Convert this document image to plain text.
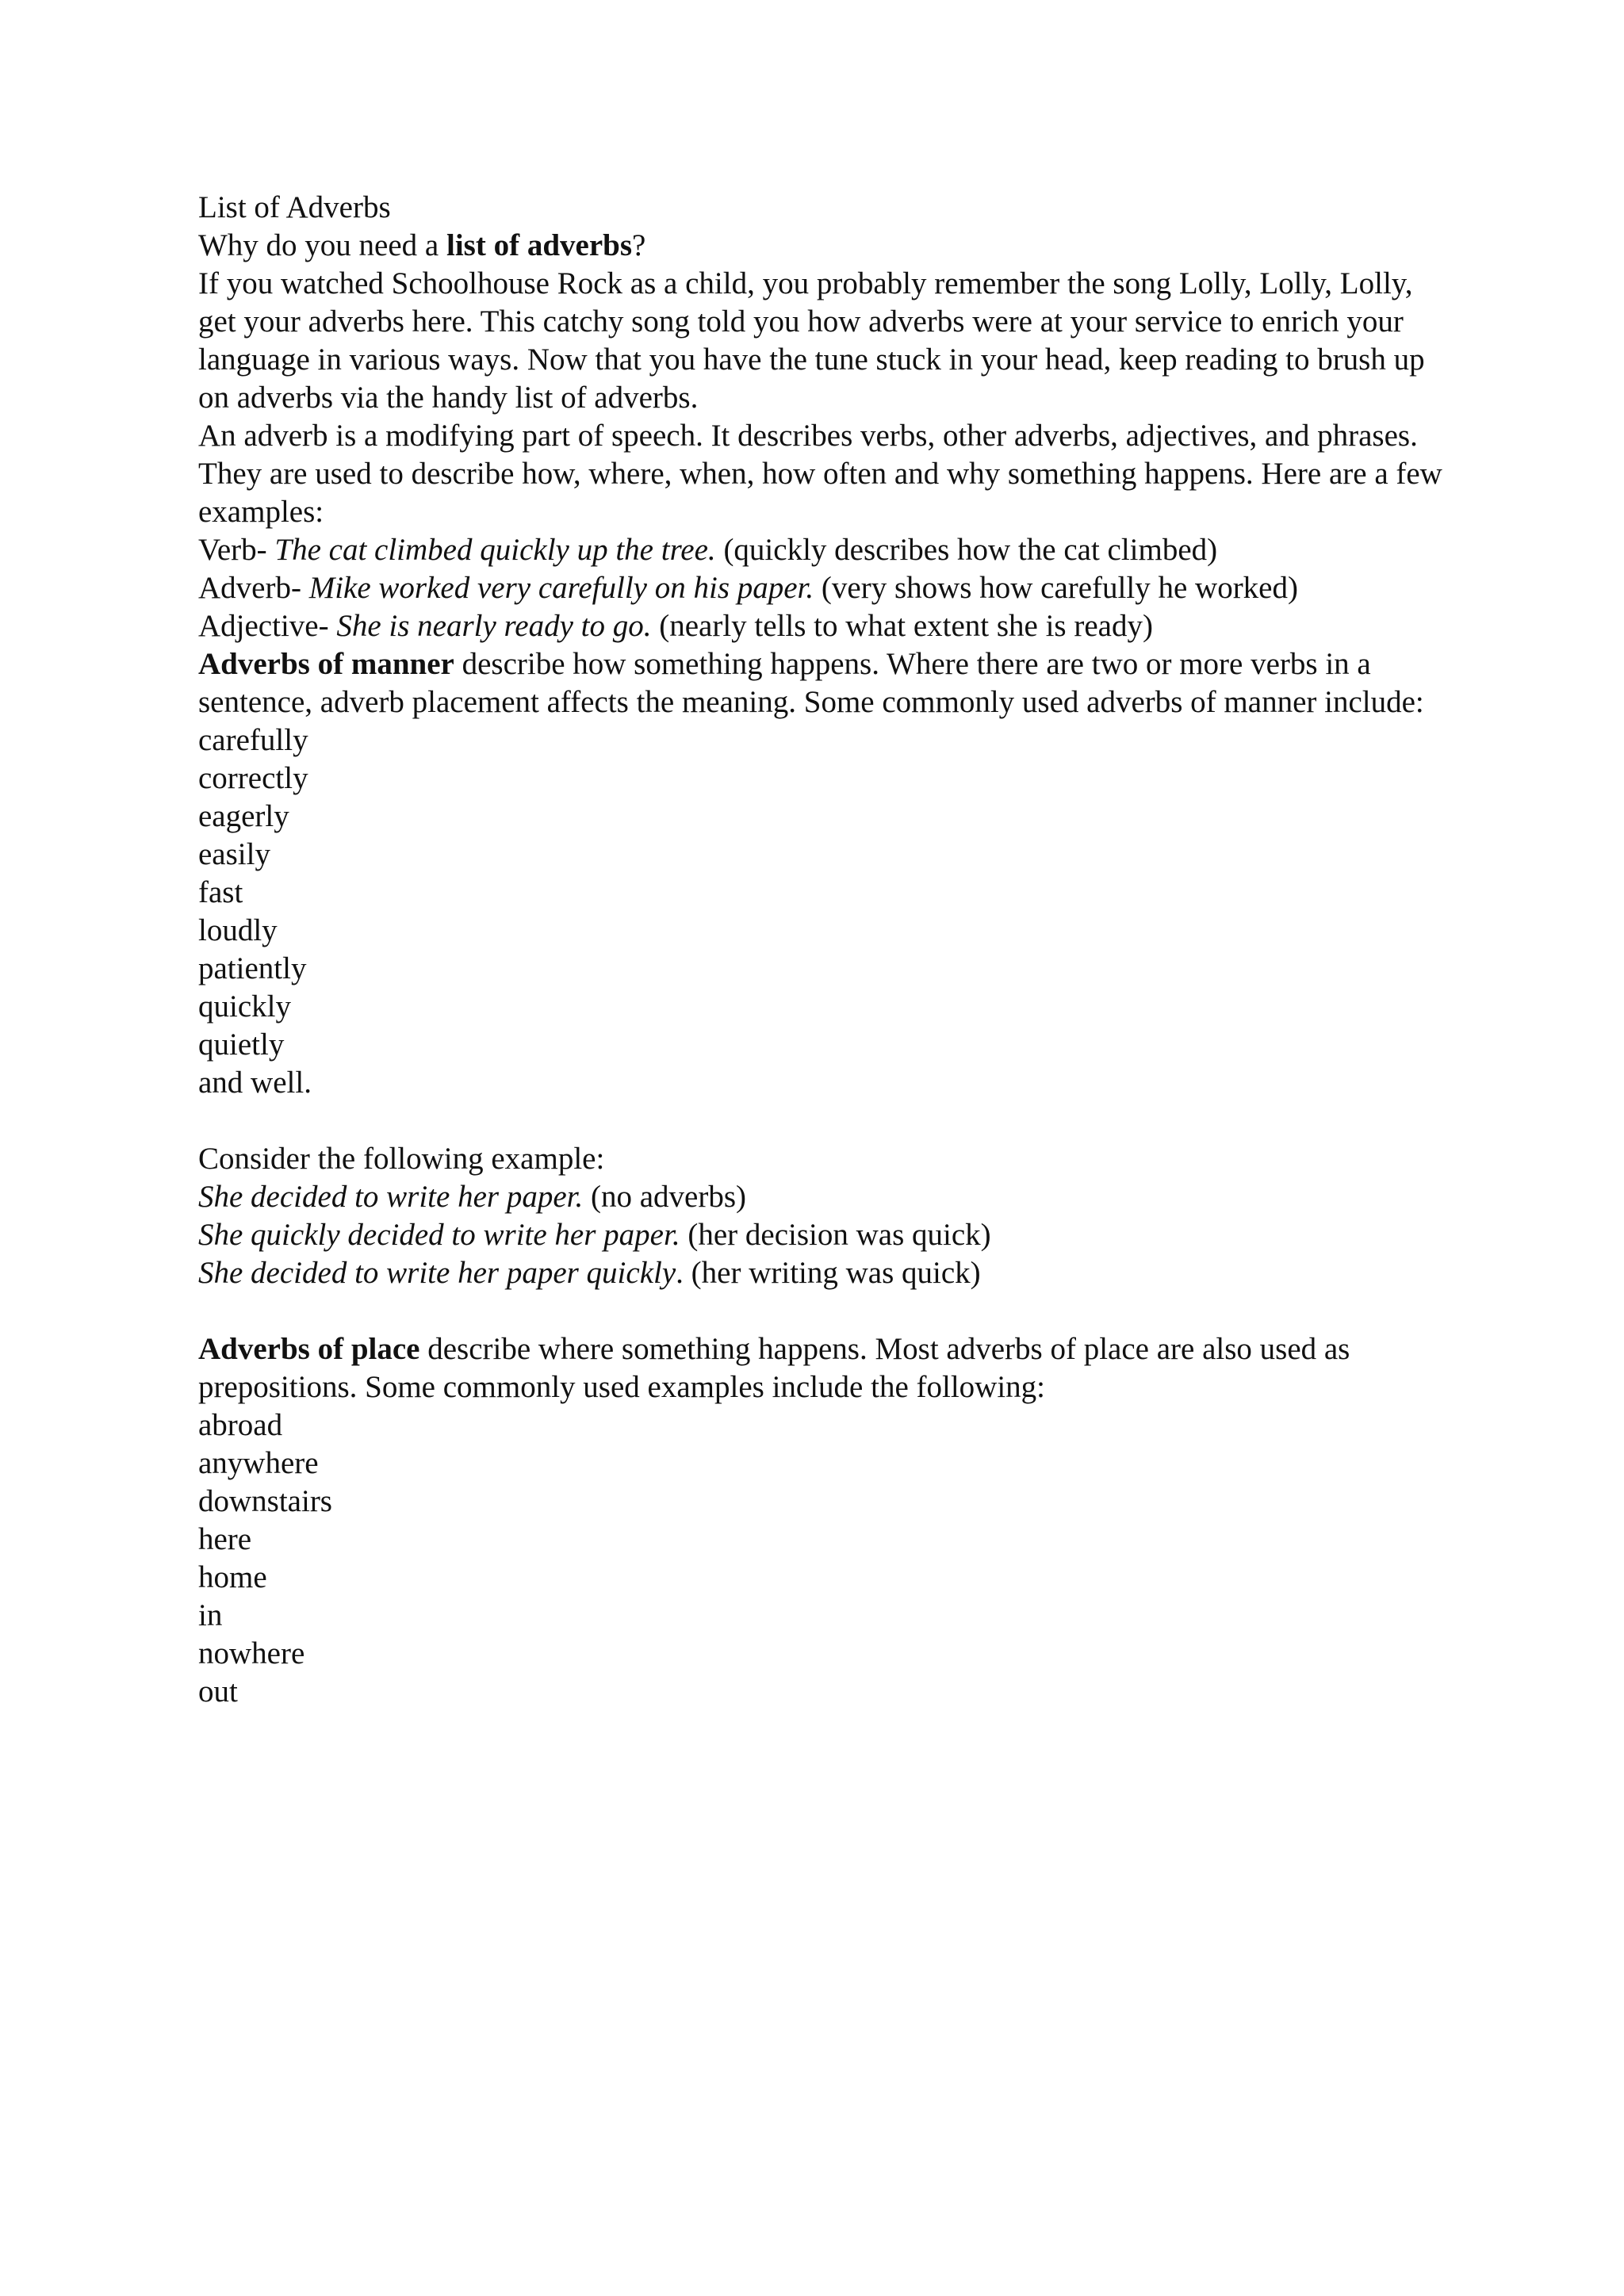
List of Adverbs

Why do you need a list of adverbs?

If you watched Schoolhouse Rock as a child, you probably remember the song Lolly, Lolly, Lolly, get your adverbs here. This catchy song told you how adverbs were at your service to enrich your language in various ways. Now that you have the tune stuck in your head, keep reading to brush up on adverbs via the handy list of adverbs.

An adverb is a modifying part of speech. It describes verbs, other adverbs, adjectives, and phrases. They are used to describe how, where, when, how often and why something happens. Here are a few examples:

Verb- The cat climbed quickly up the tree. (quickly describes how the cat climbed)

Adverb- Mike worked very carefully on his paper. (very shows how carefully he worked)

Adjective- She is nearly ready to go. (nearly tells to what extent she is ready)

Adverbs of manner describe how something happens. Where there are two or more verbs in a sentence, adverb placement affects the meaning. Some commonly used adverbs of manner include:

carefully
correctly
eagerly
easily
fast
loudly
patiently
quickly
quietly
and well.

Consider the following example:

She decided to write her paper. (no adverbs)

She quickly decided to write her paper. (her decision was quick)

She decided to write her paper quickly. (her writing was quick)

Adverbs of place describe where something happens. Most adverbs of place are also used as prepositions. Some commonly used examples include the following:

abroad
anywhere
downstairs
here
home
in
nowhere
out
